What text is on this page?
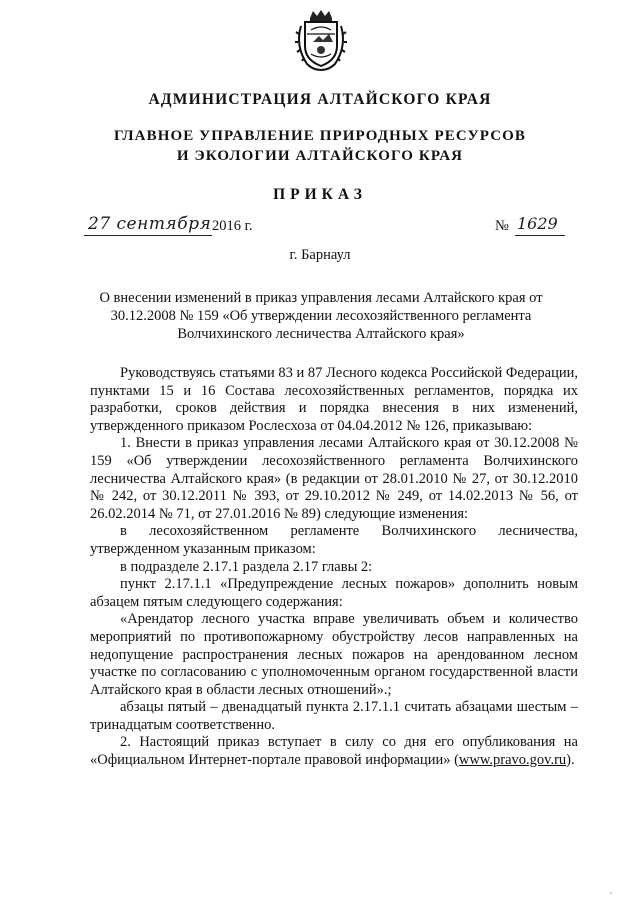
АДМИНИСТРАЦИЯ АЛТАЙСКОГО КРАЯ
ГЛАВНОЕ УПРАВЛЕНИЕ ПРИРОДНЫХ РЕСУРСОВ
И ЭКОЛОГИИ АЛТАЙСКОГО КРАЯ
ПРИКАЗ
27 сентября 2016 г.	№ 1629
г. Барнаул
О внесении изменений в приказ управления лесами Алтайского края от 30.12.2008 № 159 «Об утверждении лесохозяйственного регламента Волчихинского лесничества Алтайского края»

Руководствуясь статьями 83 и 87 Лесного кодекса Российской Федерации, пунктами 15 и 16 Состава лесохозяйственных регламентов, порядка их разработки, сроков действия и порядка внесения в них изменений, утвержденного приказом Рослесхоза от 04.04.2012 № 126, приказываю:

1. Внести в приказ управления лесами Алтайского края от 30.12.2008 № 159 «Об утверждении лесохозяйственного регламента Волчихинского лесничества Алтайского края» (в редакции от 28.01.2010 № 27, от 30.12.2010 № 242, от 30.12.2011 № 393, от 29.10.2012 № 249, от 14.02.2013 № 56, от 26.02.2014 № 71, от 27.01.2016 № 89) следующие изменения:

в лесохозяйственном регламенте Волчихинского лесничества, утвержденном указанным приказом:

в подразделе 2.17.1 раздела 2.17 главы 2:

пункт 2.17.1.1 «Предупреждение лесных пожаров» дополнить новым абзацем пятым следующего содержания:

«Арендатор лесного участка вправе увеличивать объем и количество мероприятий по противопожарному обустройству лесов направленных на недопущение распространения лесных пожаров на арендованном лесном участке по согласованию с уполномоченным органом государственной власти Алтайского края в области лесных отношений».;

абзацы пятый – двенадцатый пункта 2.17.1.1 считать абзацами шестым – тринадцатым соответственно.

2. Настоящий приказ вступает в силу со дня его опубликования на «Официальном Интернет-портале правовой информации» (www.pravo.gov.ru).
